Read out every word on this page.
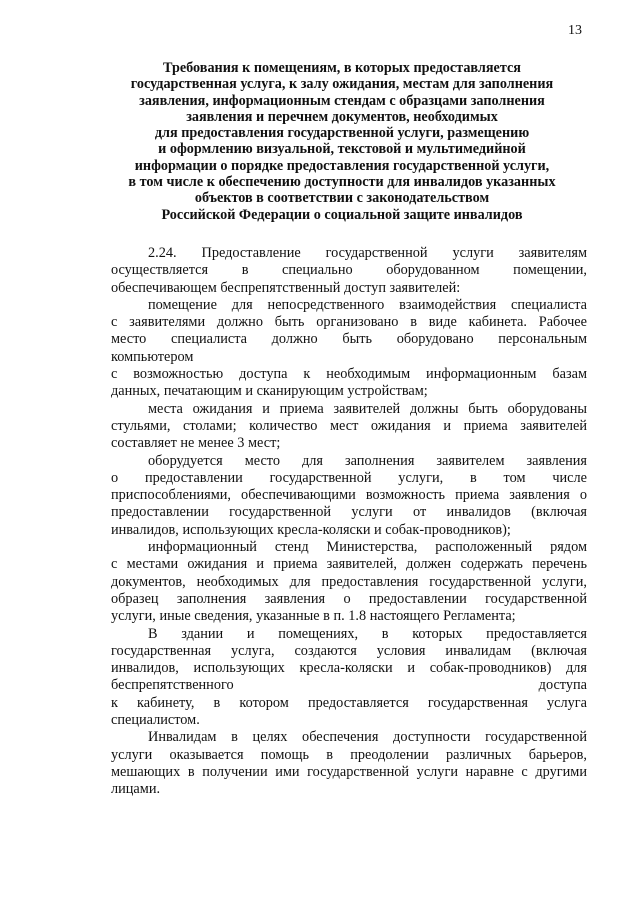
13
Требования к помещениям, в которых предоставляется
государственная услуга, к залу ожидания, местам для заполнения
заявления, информационным стендам с образцами заполнения
заявления и перечнем документов, необходимых
для предоставления государственной услуги, размещению
и оформлению визуальной, текстовой и мультимедийной
информации о порядке предоставления государственной услуги,
в том числе к обеспечению доступности для инвалидов указанных
объектов в соответствии с законодательством
Российской Федерации о социальной защите инвалидов
2.24. Предоставление государственной услуги заявителям
осуществляется в специально оборудованном помещении,
обеспечивающем беспрепятственный доступ заявителей:
помещение для непосредственного взаимодействия специалиста
с заявителями должно быть организовано в виде кабинета. Рабочее
место специалиста должно быть оборудовано персональным
компьютером
с возможностью доступа к необходимым информационным базам
данных, печатающим и сканирующим устройствам;
места ожидания и приема заявителей должны быть оборудованы
стульями, столами; количество мест ожидания и приема заявителей
составляет не менее 3 мест;
оборудуется место для заполнения заявителем заявления
о предоставлении государственной услуги, в том числе
приспособлениями, обеспечивающими возможность приема заявления о
предоставлении государственной услуги от инвалидов (включая
инвалидов, использующих кресла-коляски и собак-проводников);
информационный стенд Министерства, расположенный рядом
с местами ожидания и приема заявителей, должен содержать перечень
документов, необходимых для предоставления государственной услуги,
образец заполнения заявления о предоставлении государственной
услуги, иные сведения, указанные в п. 1.8 настоящего Регламента;
В здании и помещениях, в которых предоставляется
государственная услуга, создаются условия инвалидам (включая
инвалидов, использующих кресла-коляски и собак-проводников) для
беспрепятственного доступа
к кабинету, в котором предоставляется государственная услуга
специалистом.
Инвалидам в целях обеспечения доступности государственной
услуги оказывается помощь в преодолении различных барьеров,
мешающих в получении ими государственной услуги наравне с другими
лицами.
